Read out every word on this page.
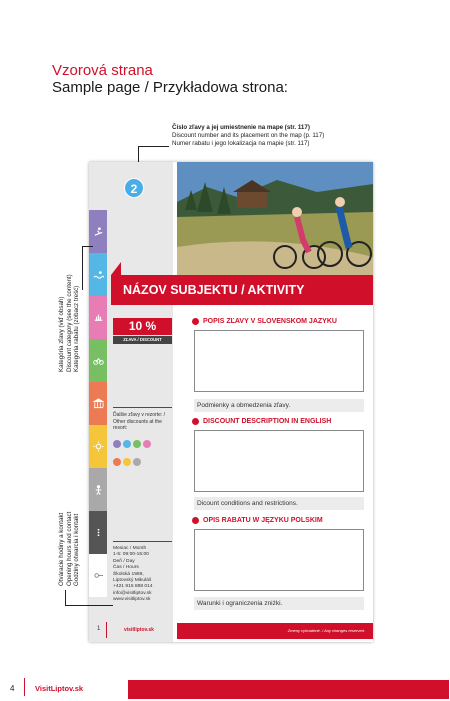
Vzorová strana
Sample page / Przykładowa strona:
Číslo zľavy a jej umiestnenie na mape (str. 117)
Discount number and its placement on the map (p. 117)
Numer rabatu i jego lokalizacja na mapie (str. 117)
NÁZOV SUBJEKTU / AKTIVITY
2
10 %
ZĽAVA / DISCOUNT
Ďalšie zľavy v rezorte: / Other discounts at the resort:

Mesiac / Month
1-5: 09:00-15:00
Deň / Day
Čas / Hours
Školská 1989,
Liptovský Mikuláš
+421 915 888 014
info@visitliptov.sk
www.visitliptov.sk
1	visitliptov.sk	Zmeny vyhradené. / Any changes reserved.
POPIS ZĽAVY V SLOVENSKOM JAZYKU
Podmienky a obmedzenia zľavy.
DISCOUNT DESCRIPTION IN ENGLISH
Dicount conditions and restrictions.
OPIS RABATU W JĘZYKU POLSKIM
Warunki i ograniczenia zniżki.
Kategória zľavy (viď obsah) Discount category (see the content) Kategoria rabatu (zobacz treść)
Otváracie hodiny a kontakt Opening hours and contact Godziny otwarcia i kontakt
4	VisitLiptov.sk
